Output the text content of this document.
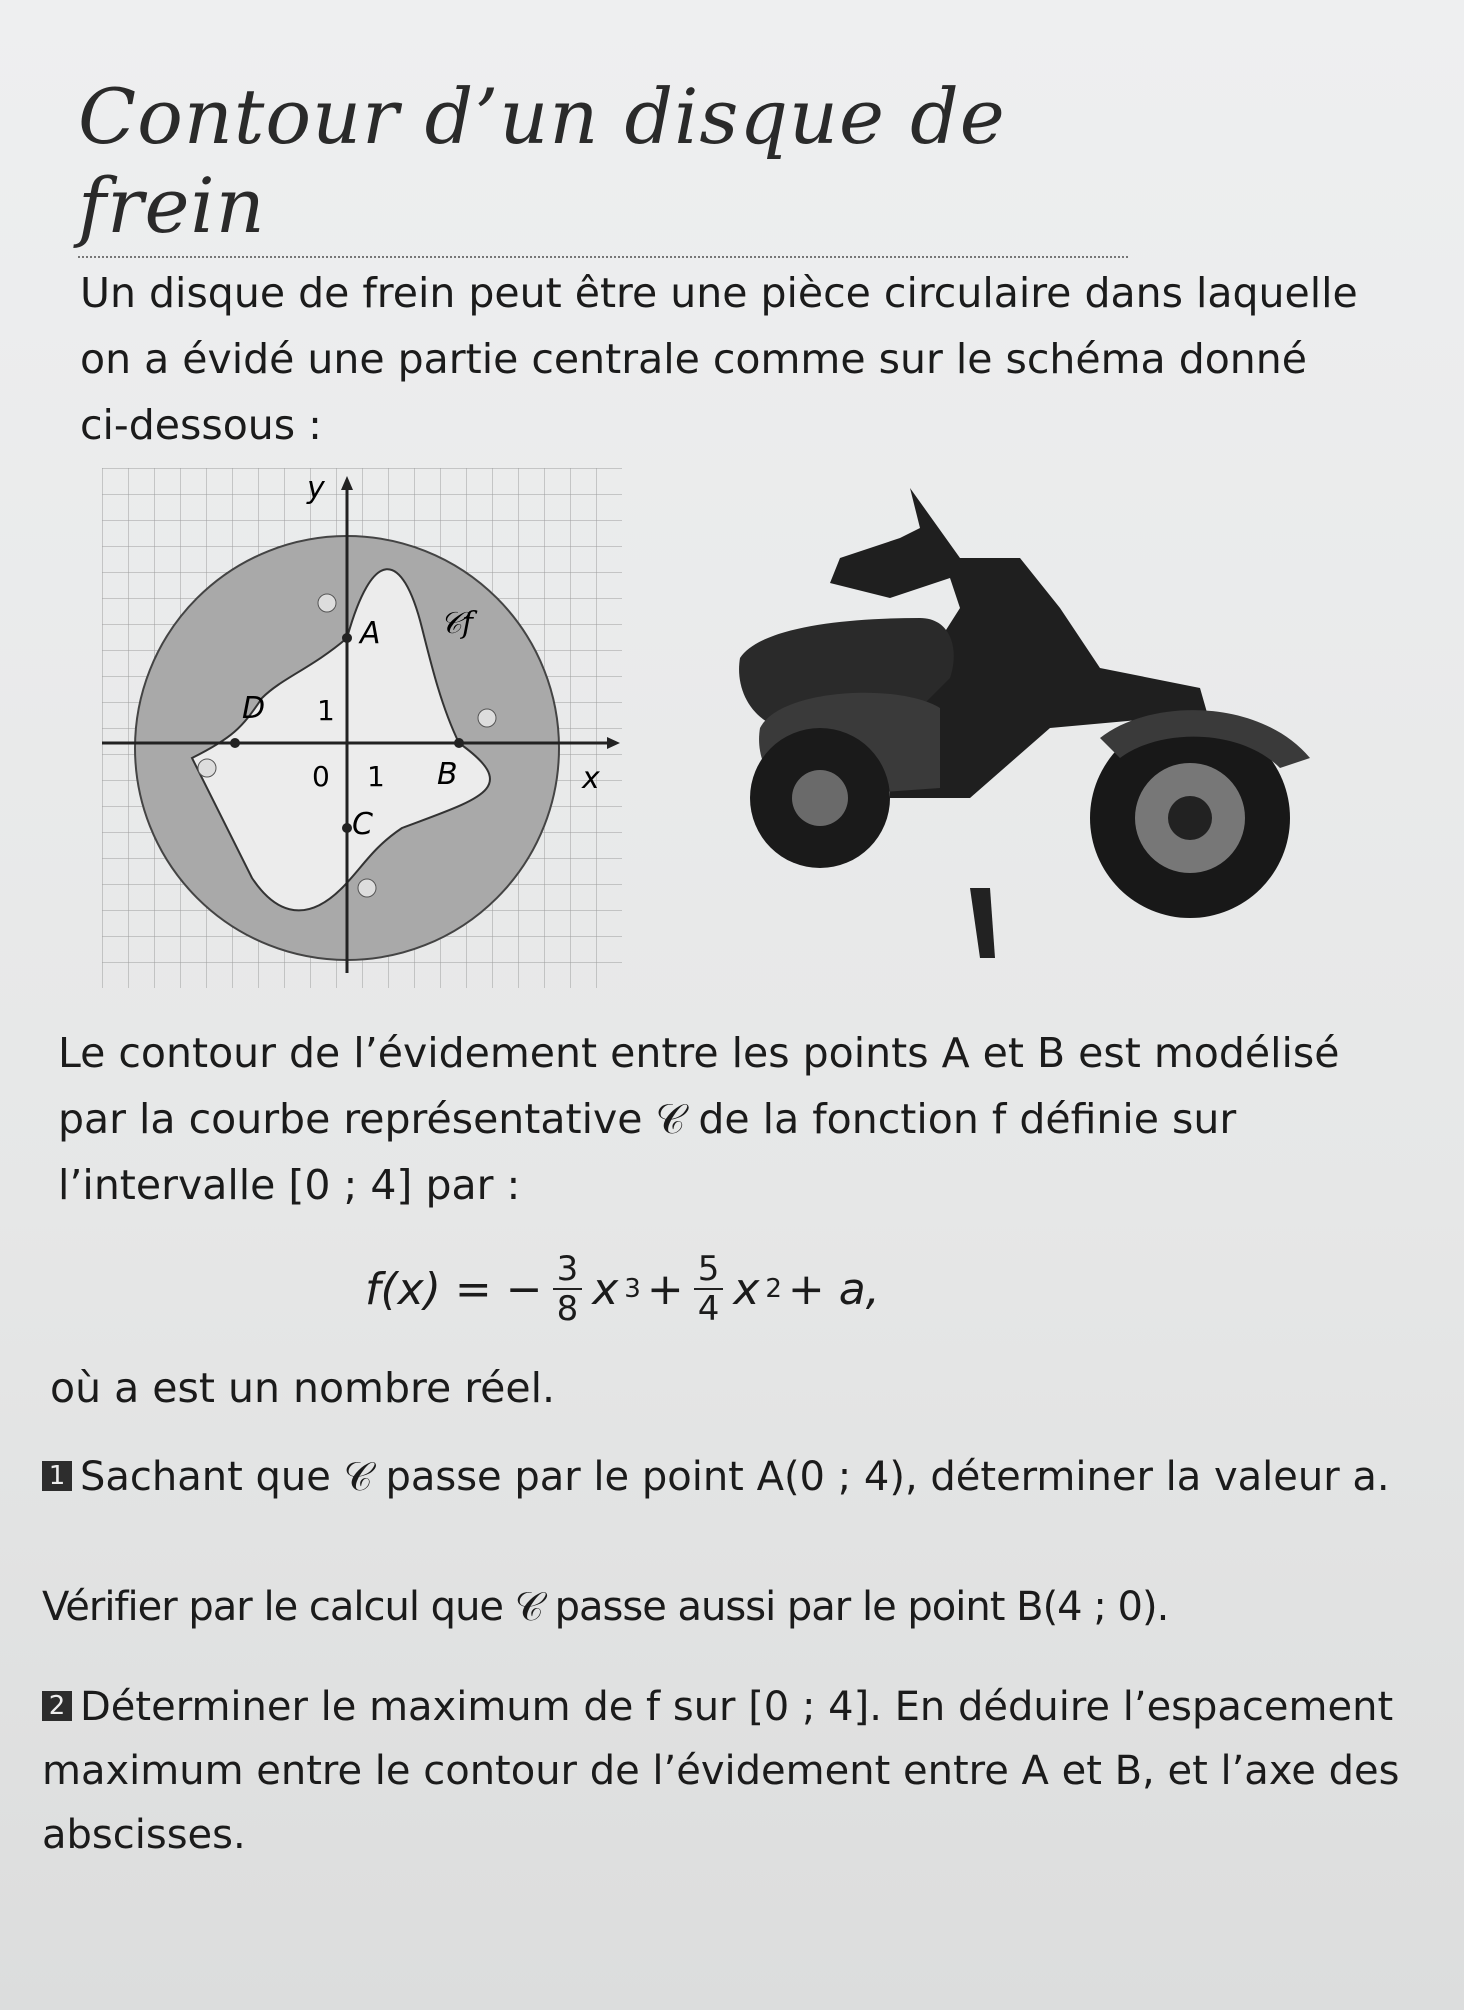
Contour d’un disque de frein
Un disque de frein peut être une pièce circulaire dans laquelle on a évidé une partie centrale comme sur le schéma donné ci-dessous :
y
x
0 1
1
A
B
C
D
𝒞f
Le contour de l’évidement entre les points A et B est modélisé par la courbe représentative 𝒞 de la fonction f définie sur l’intervalle [0 ; 4] par :
f(x) = − $\frac{3}{8}$ x $3 + \frac{5}{4}$ x 2 + a,
où a est un nombre réel.
1 Sachant que 𝒞 passe par le point A(0 ; 4), déterminer la valeur a.
Vérifier par le calcul que 𝒞 passe aussi par le point B(4 ; 0).
2 Déterminer le maximum de f sur [0 ; 4]. En déduire l’espacement maximum entre le contour de l’évidement entre A et B, et l’axe des abscisses.
